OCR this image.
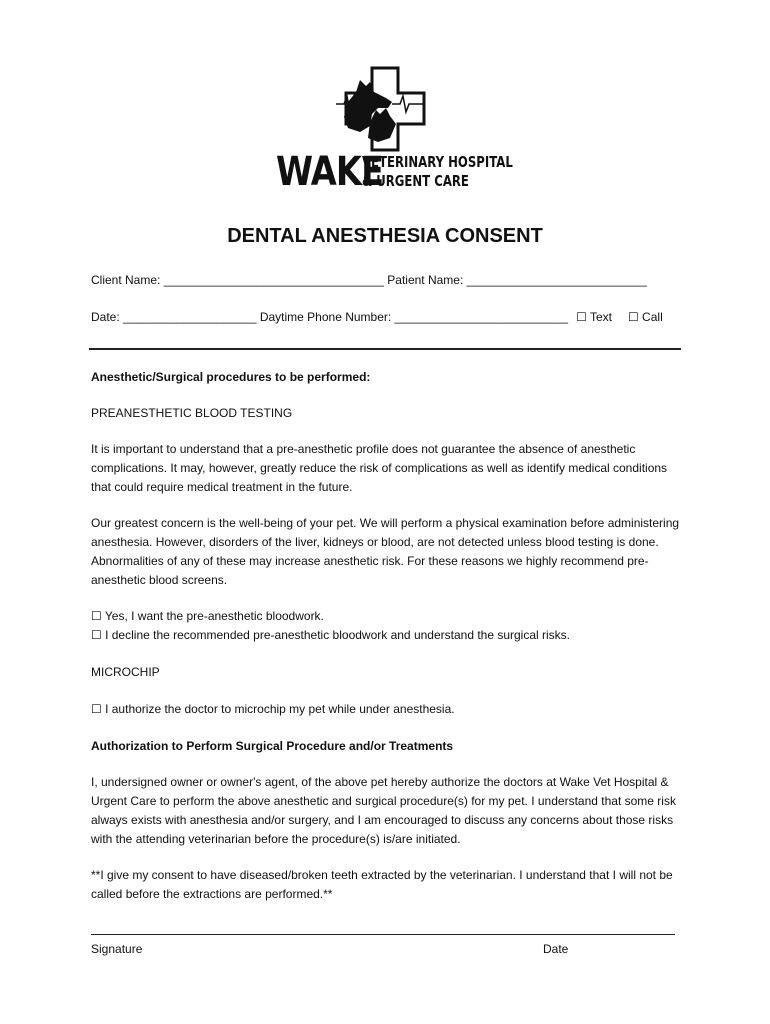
WAKE
VETERINARY HOSPITAL
& URGENT CARE
DENTAL ANESTHESIA CONSENT

Client Name: _________________________________ Patient Name: ___________________________

Date: ____________________ Daytime Phone Number: __________________________ ☐ Text ☐ Call

Anesthetic/Surgical procedures to be performed:

PREANESTHETIC BLOOD TESTING

It is important to understand that a pre-anesthetic profile does not guarantee the absence of anesthetic complications. It may, however, greatly reduce the risk of complications as well as identify medical conditions that could require medical treatment in the future.

Our greatest concern is the well-being of your pet. We will perform a physical examination before administering anesthesia. However, disorders of the liver, kidneys or blood, are not detected unless blood testing is done. Abnormalities of any of these may increase anesthetic risk. For these reasons we highly recommend pre-anesthetic blood screens.

☐ Yes, I want the pre-anesthetic bloodwork.

☐ I decline the recommended pre-anesthetic bloodwork and understand the surgical risks.

MICROCHIP

☐ I authorize the doctor to microchip my pet while under anesthesia.

Authorization to Perform Surgical Procedure and/or Treatments

I, undersigned owner or owner's agent, of the above pet hereby authorize the doctors at Wake Vet Hospital & Urgent Care to perform the above anesthetic and surgical procedure(s) for my pet. I understand that some risk always exists with anesthesia and/or surgery, and I am encouraged to discuss any concerns about those risks with the attending veterinarian before the procedure(s) is/are initiated.

**I give my consent to have diseased/broken teeth extracted by the veterinarian. I understand that I will not be called before the extractions are performed.**

Signature	Date
